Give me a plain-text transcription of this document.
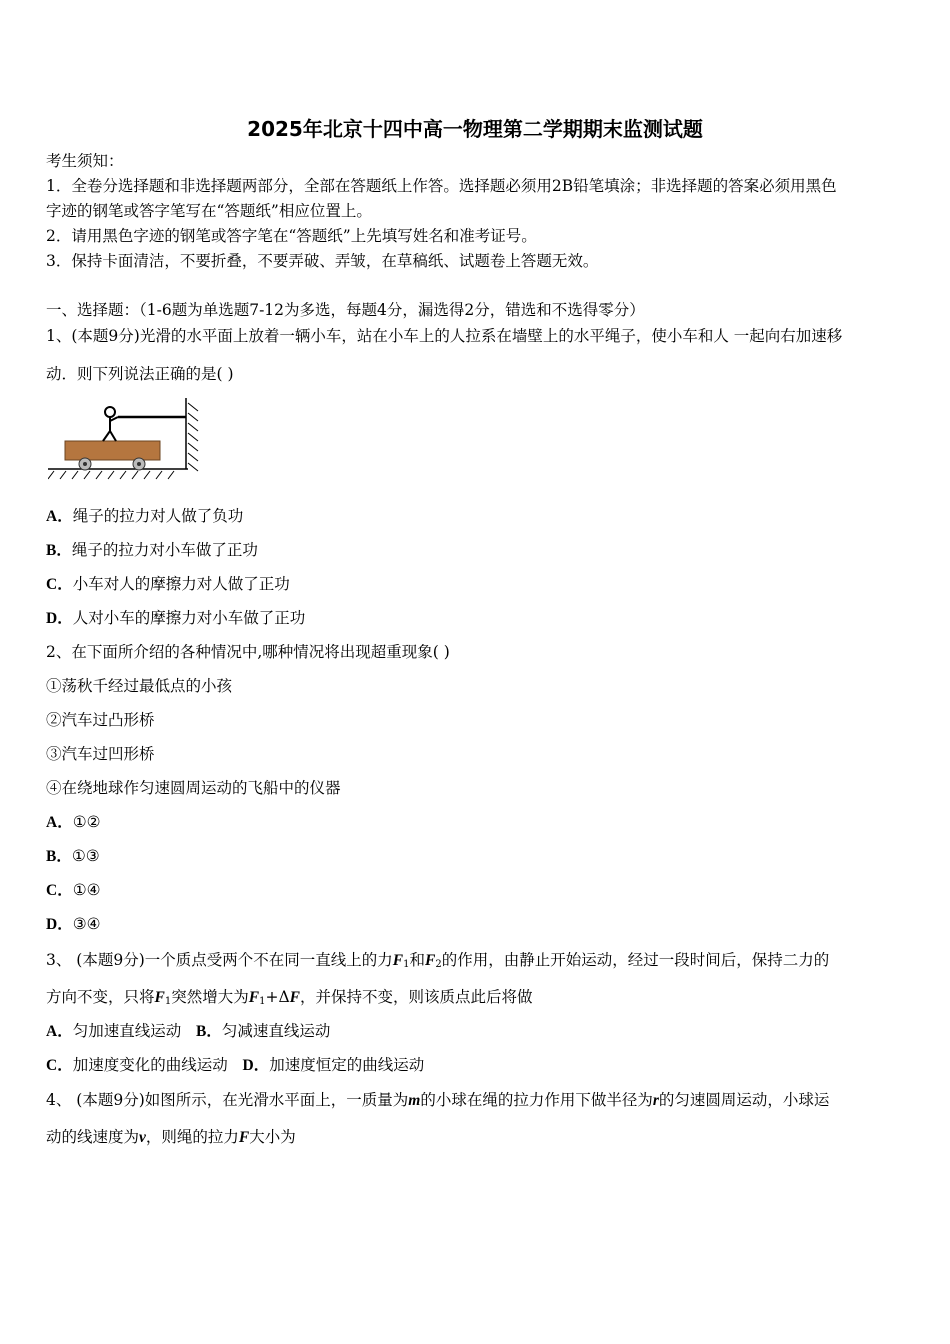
2025年北京十四中高一物理第二学期期末监测试题
考生须知：
1．全卷分选择题和非选择题两部分，全部在答题纸上作答。选择题必须用2B铅笔填涂；非选择题的答案必须用黑色
字迹的钢笔或答字笔写在“答题纸”相应位置上。
2．请用黑色字迹的钢笔或答字笔在“答题纸”上先填写姓名和准考证号。
3．保持卡面清洁，不要折叠，不要弄破、弄皱，在草稿纸、试题卷上答题无效。
一、选择题：（1-6题为单选题7-12为多选，每题4分，漏选得2分，错选和不选得零分）
1、(本题9分)光滑的水平面上放着一辆小车，站在小车上的人拉系在墙壁上的水平绳子，使小车和人 一起向右加速移
动．则下列说法正确的是( )
A．绳子的拉力对人做了负功
B．绳子的拉力对小车做了正功
C．小车对人的摩擦力对人做了正功
D．人对小车的摩擦力对小车做了正功
2、在下面所介绍的各种情况中,哪种情况将出现超重现象( )
①荡秋千经过最低点的小孩
②汽车过凸形桥
③汽车过凹形桥
④在绕地球作匀速圆周运动的飞船中的仪器
A．①②
B．①③
C．①④
D．③④
3、 (本题9分)一个质点受两个不在同一直线上的力$F_1$和$F_2$的作用，由静止开始运动，经过一段时间后，保持二力的
方向不变，只将$F_1$突然增大为$F_1+\Delta F$，并保持不变，则该质点此后将做
A．匀加速直线运动 B．匀减速直线运动
C．加速度变化的曲线运动 D．加速度恒定的曲线运动
4、 (本题9分)如图所示，在光滑水平面上，一质量为m的小球在绳的拉力作用下做半径为r的匀速圆周运动，小球运
动的线速度为v，则绳的拉力F大小为
